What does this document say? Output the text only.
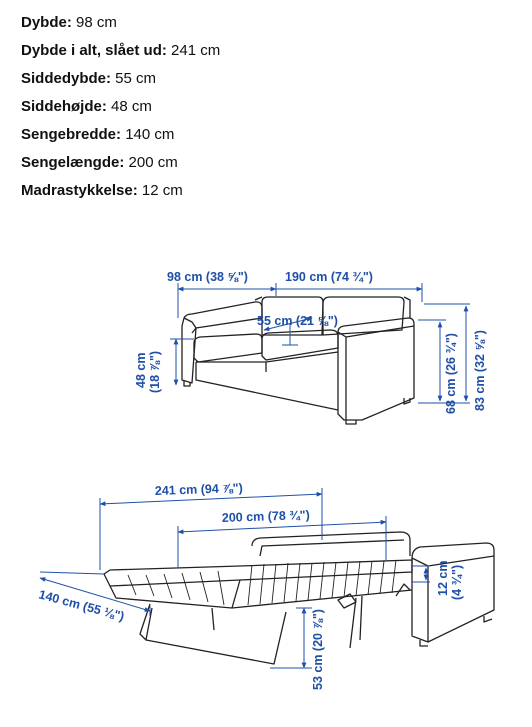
Dybde: 98 cm
Dybde i alt, slået ud: 241 cm
Siddedybde: 55 cm
Siddehøjde: 48 cm
Sengebredde: 140 cm
Sengelængde: 200 cm
Madrastykkelse: 12 cm
98 cm (38 ⅝")	190 cm (74 ¾")
55 cm (21 ⅝")
48 cm (18 ⅞")	68 cm (26 ¾") 83 cm (32 ⅝")
241 cm (94 ⅞")
200 cm (78 ¾")
140 cm (55 ⅛")
12 cm (4 ¾")
53 cm (20 ⅞")
